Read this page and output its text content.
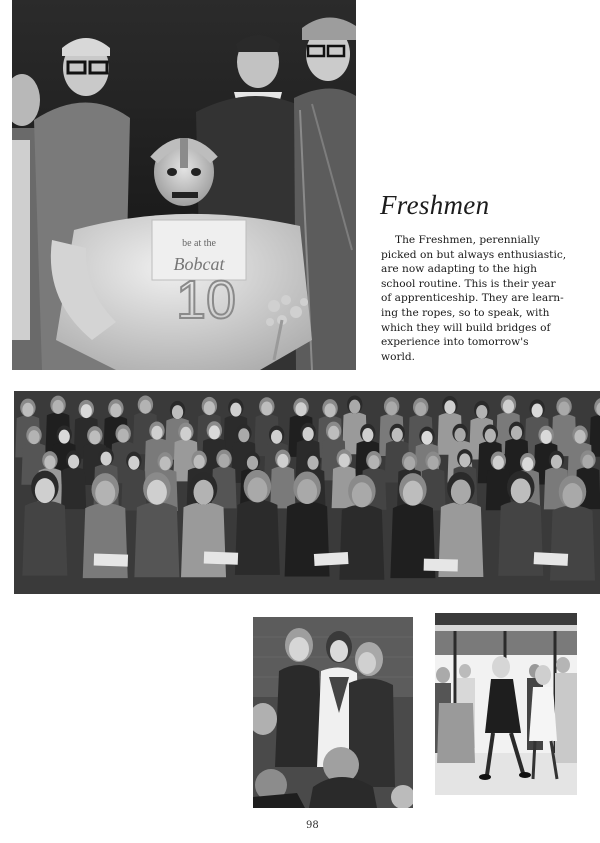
be at the
Bobcat
10
Freshmen

The Freshmen, perennially
picked on but always enthusiastic,
are now adapting to the high
school routine. This is their year
of apprenticeship. They are learn-
ing the ropes, so to speak, with
which they will build bridges of
experience into tomorrow's
world.

98
